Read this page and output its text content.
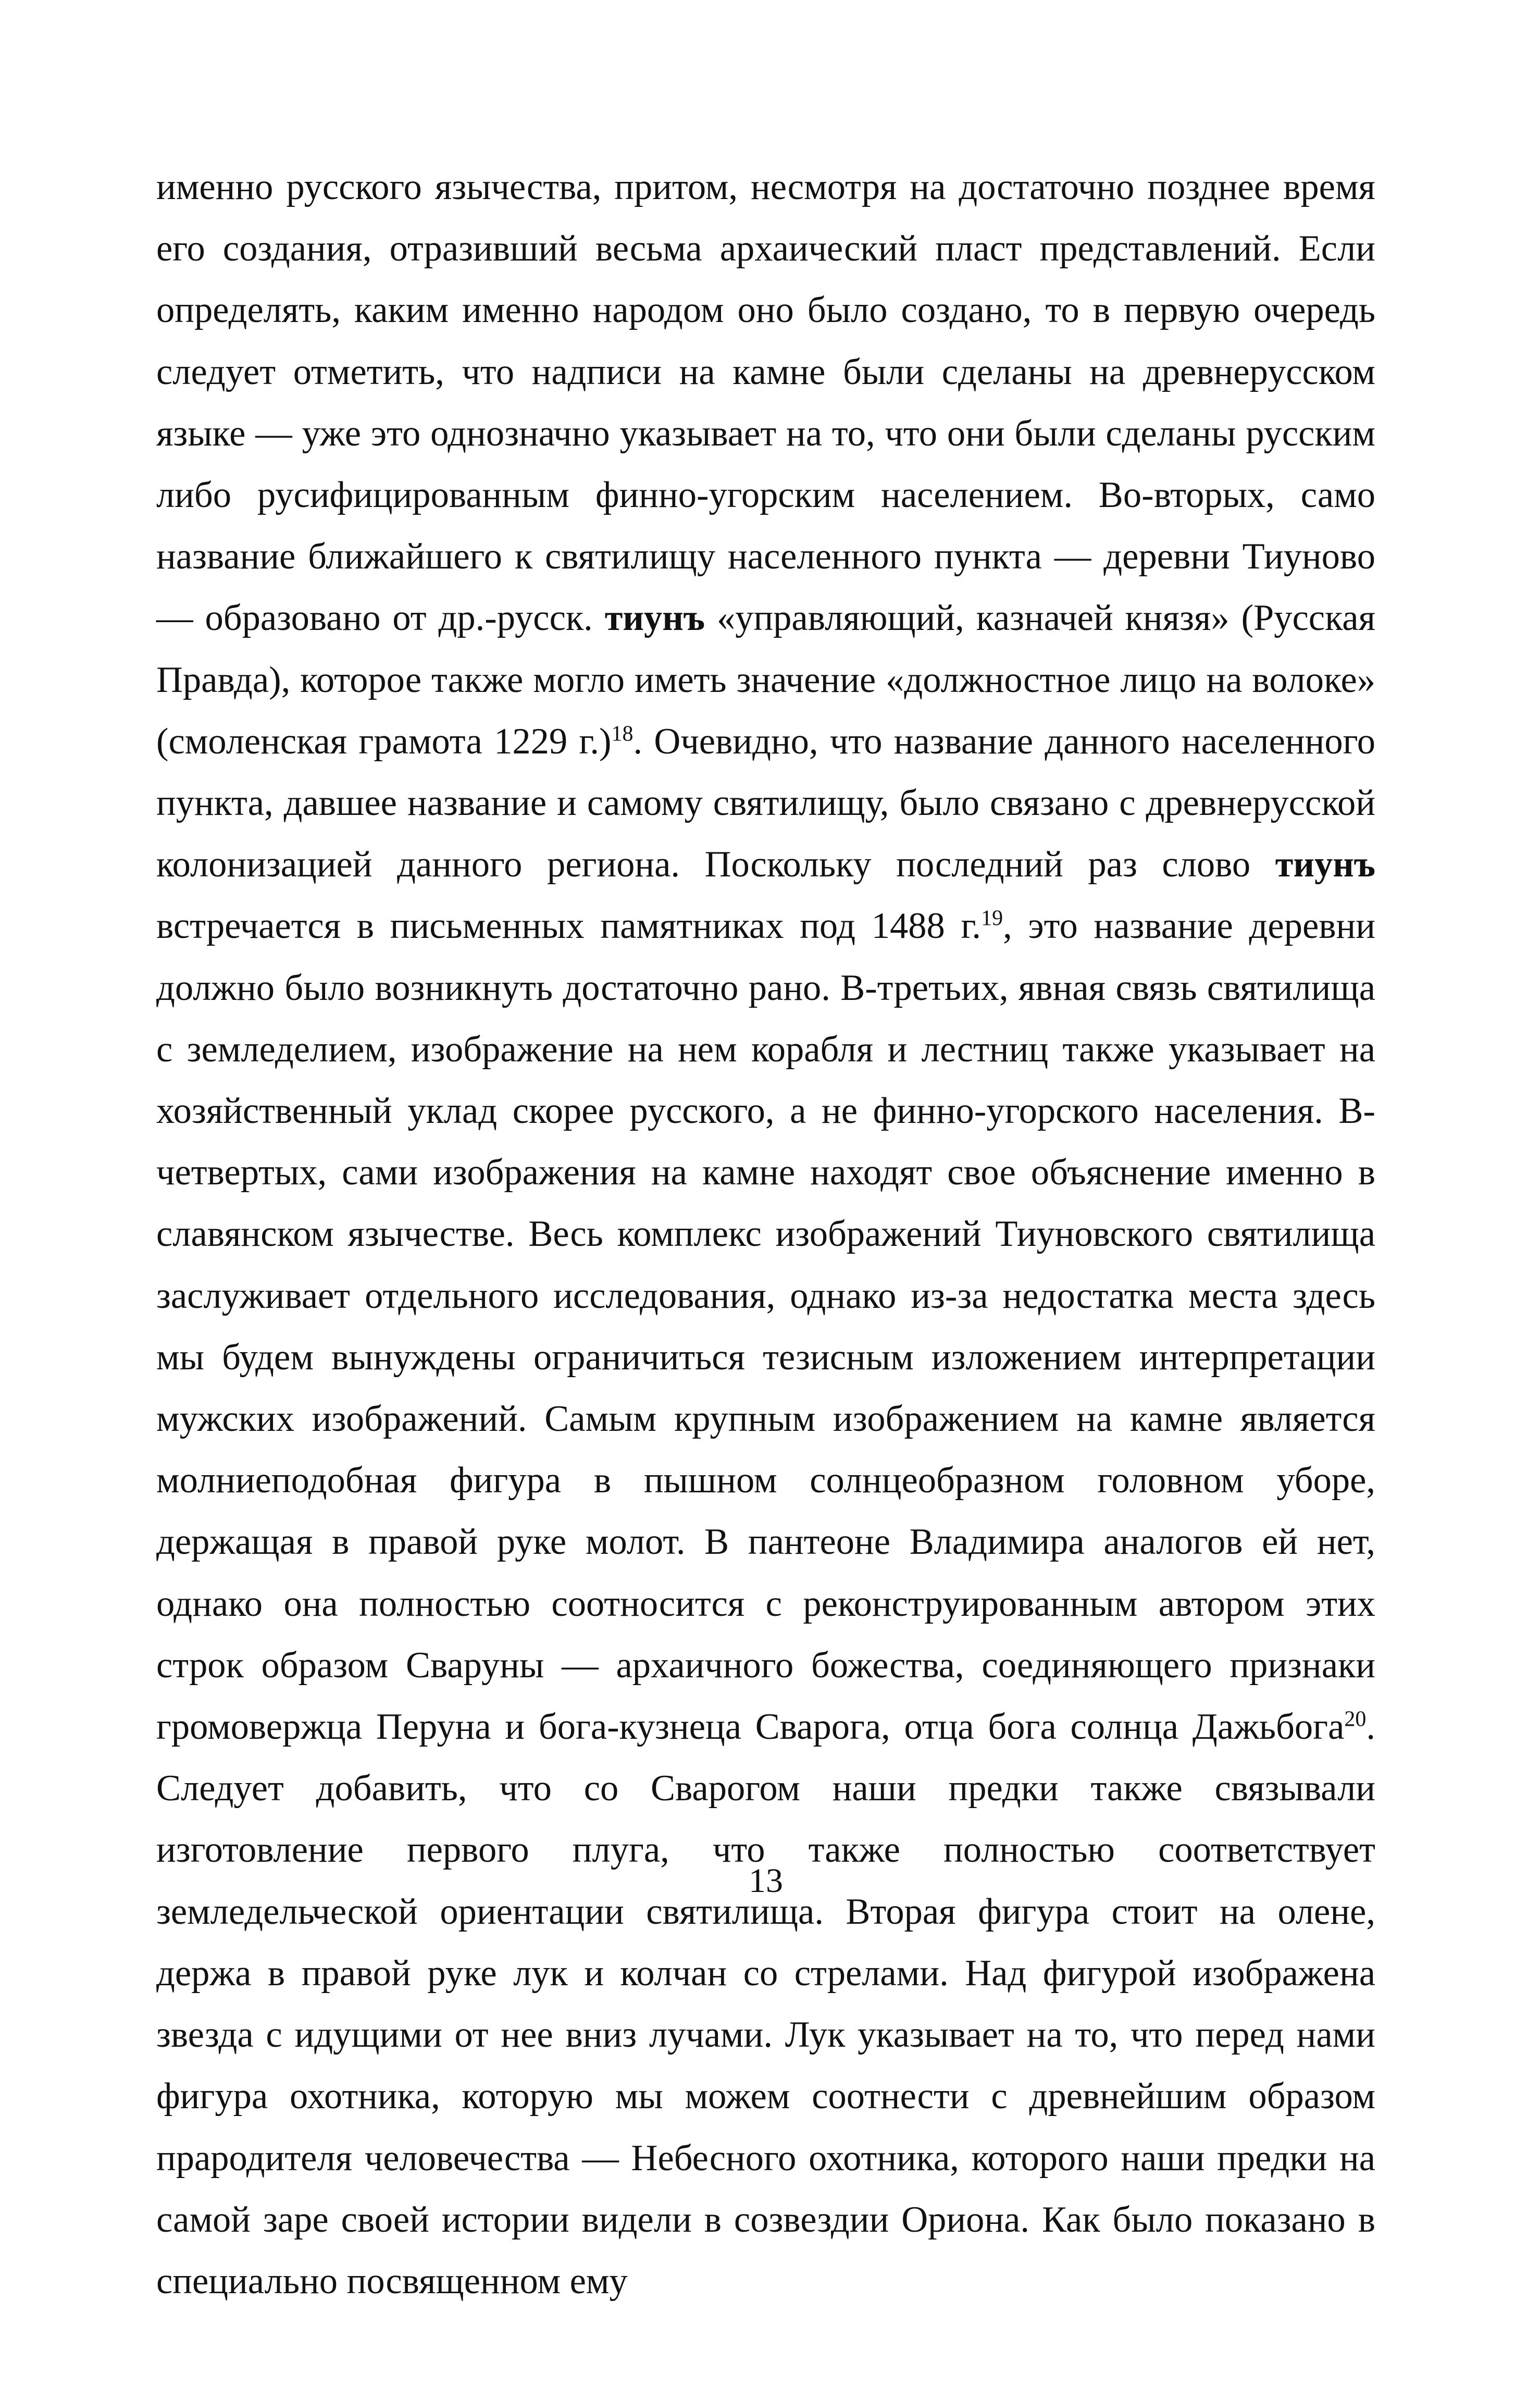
именно русского язычества, притом, несмотря на достаточно позднее время его создания, отразивший весьма архаический пласт представлений. Если определять, каким именно народом оно было создано, то в первую очередь следует отметить, что надписи на камне были сделаны на древнерусском языке — уже это однозначно указывает на то, что они были сделаны русским либо русифицированным финно-угорским населением. Во-вторых, само название ближайшего к святилищу населенного пункта — деревни Тиуново — образовано от др.-русск. тиунъ «управляющий, казначей князя» (Русская Правда), которое также могло иметь значение «должностное лицо на волоке» (смоленская грамота 1229 г.)$^{18}$. Очевидно, что название данного населенного пункта, давшее название и самому святилищу, было связано с древнерусской колонизацией данного региона. Поскольку последний раз слово тиунъ встречается в письменных памятниках под 1488 г.$^{19}$, это название деревни должно было возникнуть достаточно рано. В-третьих, явная связь святилища с земледелием, изображение на нем корабля и лестниц также указывает на хозяйственный уклад скорее русского, а не финно-угорского населения. В-четвертых, сами изображения на камне находят свое объяснение именно в славянском язычестве. Весь комплекс изображений Тиуновского святилища заслуживает отдельного исследования, однако из-за недостатка места здесь мы будем вынуждены ограничиться тезисным изложением интерпретации мужских изображений. Самым крупным изображением на камне является молниеподобная фигура в пышном солнцеобразном головном уборе, держащая в правой руке молот. В пантеоне Владимира аналогов ей нет, однако она полностью соотносится с реконструированным автором этих строк образом Сваруны — архаичного божества, соединяющего признаки громовержца Перуна и бога-кузнеца Сварога, отца бога солнца Дажьбога$^{20}$. Следует добавить, что со Сварогом наши предки также связывали изготовление первого плуга, что также полностью соответствует земледельческой ориентации святилища. Вторая фигура стоит на олене, держа в правой руке лук и колчан со стрелами. Над фигурой изображена звезда с идущими от нее вниз лучами. Лук указывает на то, что перед нами фигура охотника, которую мы можем соотнести с древнейшим образом прародителя человечества — Небесного охотника, которого наши предки на самой заре своей истории видели в созвездии Ориона. Как было показано в специально посвященном ему

13
